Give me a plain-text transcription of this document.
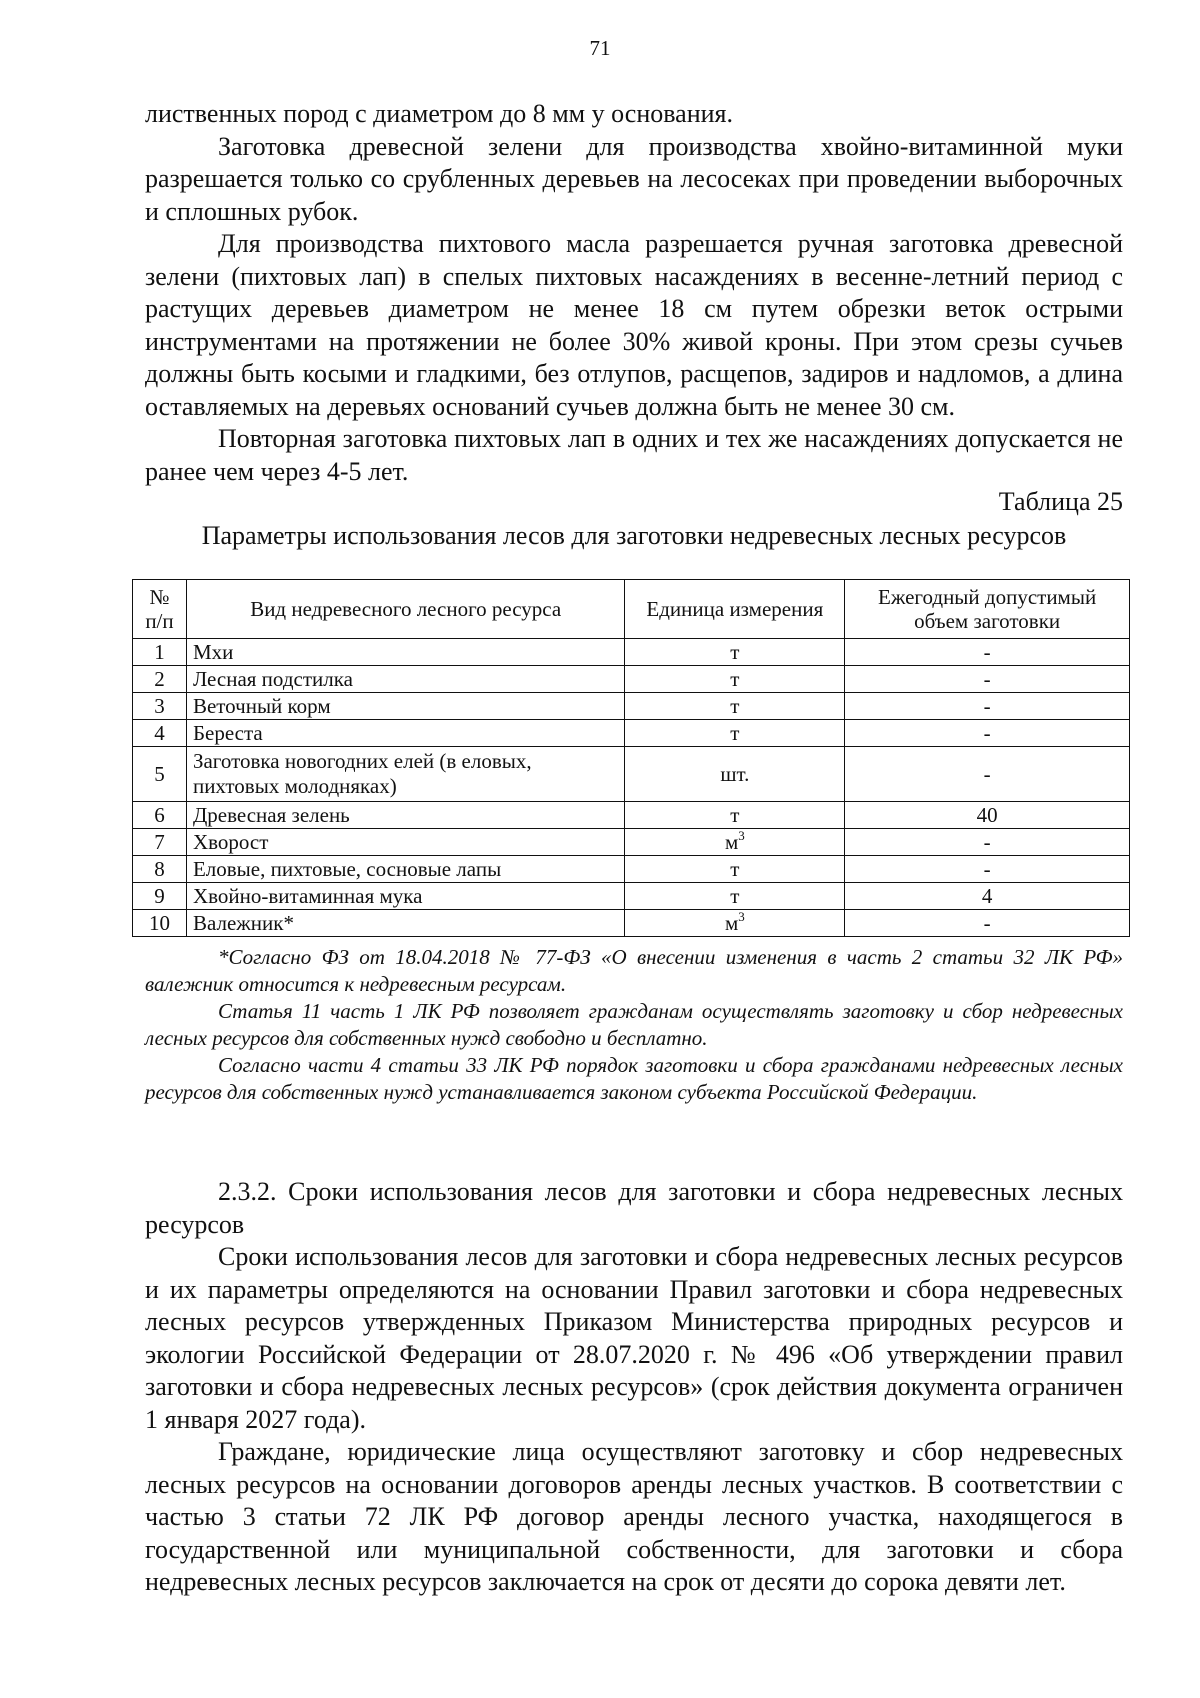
71

лиственных пород с диаметром до 8 мм у основания.

Заготовка древесной зелени для производства хвойно-витаминной муки разрешается только со срубленных деревьев на лесосеках при проведении выборочных и сплошных рубок.

Для производства пихтового масла разрешается ручная заготовка древесной зелени (пихтовых лап) в спелых пихтовых насаждениях в весенне-летний период с растущих деревьев диаметром не менее 18 см путем обрезки веток острыми инструментами на протяжении не более 30% живой кроны. При этом срезы сучьев должны быть косыми и гладкими, без отлупов, расщепов, задиров и надломов, а длина оставляемых на деревьях оснований сучьев должна быть не менее 30 см.

Повторная заготовка пихтовых лап в одних и тех же насаждениях допускается не ранее чем через 4-5 лет.

Таблица 25
Параметры использования лесов для заготовки недревесных лесных ресурсов
№
п/п	Вид недревесного лесного ресурса	Единица измерения	Ежегодный допустимый
объем заготовки
1	Мхи	т	-
2	Лесная подстилка	т	-
3	Веточный корм	т	-
4	Береста	т	-
5	Заготовка новогодних елей (в еловых,
пихтовых молодняках)	шт.	-
6	Древесная зелень	т	40
7	Хворост	$м^3$	-
8	Еловые, пихтовые, сосновые лапы	т	-
9	Хвойно-витаминная мука	т	4
10	Валежник*	$м^3$	-

*Согласно ФЗ от 18.04.2018 № 77-ФЗ «О внесении изменения в часть 2 статьи 32 ЛК РФ» валежник относится к недревесным ресурсам.

Статья 11 часть 1 ЛК РФ позволяет гражданам осуществлять заготовку и сбор недревесных лесных ресурсов для собственных нужд свободно и бесплатно.

Согласно части 4 статьи 33 ЛК РФ порядок заготовки и сбора гражданами недревесных лесных ресурсов для собственных нужд устанавливается законом субъекта Российской Федерации.

2.3.2. Сроки использования лесов для заготовки и сбора недревесных лесных ресурсов

Сроки использования лесов для заготовки и сбора недревесных лесных ресурсов и их параметры определяются на основании Правил заготовки и сбора недревесных лесных ресурсов утвержденных Приказом Министерства природных ресурсов и экологии Российской Федерации от 28.07.2020 г. № 496 «Об утверждении правил заготовки и сбора недревесных лесных ресурсов» (срок действия документа ограничен 1 января 2027 года).

Граждане, юридические лица осуществляют заготовку и сбор недревесных лесных ресурсов на основании договоров аренды лесных участков. В соответствии с частью 3 статьи 72 ЛК РФ договор аренды лесного участка, находящегося в государственной или муниципальной собственности, для заготовки и сбора недревесных лесных ресурсов заключается на срок от десяти до сорока девяти лет.
